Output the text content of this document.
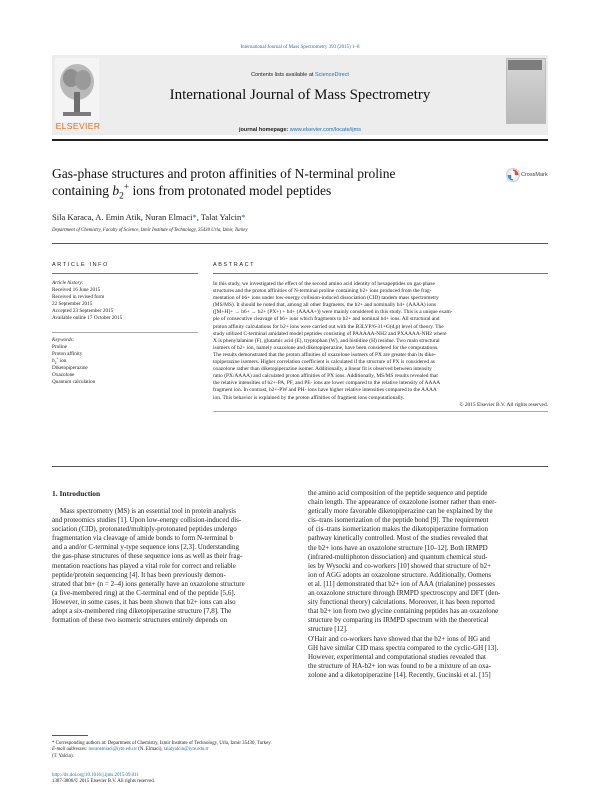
International Journal of Mass Spectrometry 393 (2015) 1–8
ELSEVIER
Contents lists available at ScienceDirect
International Journal of Mass Spectrometry
journal homepage: www.elsevier.com/locate/ijms
Gas-phase structures and proton affinities of N-terminal proline
containing $b_2^+$ ions from protonated model peptides
CrossMark
Sila Karaca, A. Emin Atik, Nuran Elmaci*, Talat Yalcin*
Department of Chemistry, Faculty of Science, Izmir Institute of Technology, 35430 Urla, Izmir, Turkey
ARTICLE INFO
Article history:
Received 16 June 2015
Received in revised form
22 September 2015
Accepted 23 September 2015
Available online 17 October 2015
Keywords:
Proline
Proton affinity
$b_2^+$ ion
Diketopiperazine
Oxazolone
Quantum calculation
ABSTRACT
In this study, we investigated the effect of the second amino acid identity of hexapeptides on gas-phase
structures and the proton affinities of N-terminal proline containing b2+ ions produced from the frag-
mentation of b6+ ions under low-energy collision-induced dissociation (CID) tandem mass spectrometry
(MS/MS). It should be noted that, among all other fragments, the b2+ and nominally b4+ (AAAA) ions
([M+H]+ → b6+ → b2+ (PX+) + b4+ (AAAA+)) were mainly considered in this study. This is a unique exam-
ple of consecutive cleavage of b6+ ions which fragments to b2+ and nominal b4+ ions. All structural and
proton affinity calculations for b2+ ions were carried out with the B3LYP/6-31+G(d,p) level of theory. The
study utilized C-terminal amidated model peptides consisting of PAAAAA-NH2 and PXAAAA-NH2 where
X is phenylalanine (F), glutamic acid (E), tryptophan (W), and histidine (H) residue. Two main structural
isomers of b2+ ion, namely oxazolone and diketopiperazine, have been considered for the computations.
The results demonstrated that the proton affinities of oxazolone isomers of PX are greater than its dike-
topiperazine isomers. Higher correlation coefficient is calculated if the structure of PX is considered as
oxazolone rather than diketopiperazine isomer. Additionally, a linear fit is observed between intensity
ratio (PX/AAAA) and calculated proton affinities of PX ions. Additionally, MS/MS results revealed that
the relative intensities of b2+-PA, PF, and PE- ions are lower compared to the relative intensity of AAAA
fragment ion. In contrast, b2+-PW and PH- ions have higher relative intensities compared to the AAAA
ion. This behavior is explained by the proton affinities of fragment ions computationally.
© 2015 Elsevier B.V. All rights reserved.
1. Introduction
Mass spectrometry (MS) is an essential tool in protein analysis
and proteomics studies [1]. Upon low-energy collision-induced dis-
sociation (CID), protonated/multiply-protonated peptides undergo
fragmentation via cleavage of amide bonds to form N-terminal b
and a and/or C-terminal y-type sequence ions [2,3]. Understanding
the gas-phase structures of these sequence ions as well as their frag-
mentation reactions has played a vital role for correct and reliable
peptide/protein sequencing [4]. It has been previously demon-
strated that bn+ (n = 2–4) ions generally have an oxazolone structure
(a five-membered ring) at the C-terminal end of the peptide [5,6].
However, in some cases, it has been shown that b2+ ions can also
adopt a six-membered ring diketopiperazine structure [7,8]. The
formation of these two isomeric structures entirely depends on
* Corresponding authors at: Department of Chemistry, Izmir Institute of Technology, Urla, Izmir 35430, Turkey.
E-mail addresses: nuranelmaci@iyte.edu.tr (N. Elmaci), talatyalcin@iyte.edu.tr
(T. Yalcin).
http://dx.doi.org/10.1016/j.ijms.2015.09.011
1387-3806/© 2015 Elsevier B.V. All rights reserved.
the amino acid composition of the peptide sequence and peptide
chain length. The appearance of oxazolone isomer rather than ener-
getically more favorable diketopiperazine can be explained by the
cis–trans isomerization of the peptide bond [9]. The requirement
of cis–trans isomerization makes the diketopiperazine formation
pathway kinetically controlled. Most of the studies revealed that
the b2+ ions have an oxazolone structure [10–12]. Both IRMPD
(infrared-multiphoton dissociation) and quantum chemical stud-
ies by Wysocki and co-workers [10] showed that structure of b2+
ion of AGG adopts an oxazolone structure. Additionally, Oomens
et al. [11] demonstrated that b2+ ion of AAA (trialanine) possesses
an oxazolone structure through IRMPD spectroscopy and DFT (den-
sity functional theory) calculations. Moreover, it has been reported
that b2+ ion from two glycine containing peptides has an oxazolone
structure by comparing its IRMPD spectrum with the theoretical
structure [12].
O'Hair and co-workers have showed that the b2+ ions of HG and
GH have similar CID mass spectra compared to the cyclic-GH [13].
However, experimental and computational studies revealed that
the structure of HA-b2+ ion was found to be a mixture of an oxa-
zolone and a diketopiperazine [14]. Recently, Gucinski et al. [15]
